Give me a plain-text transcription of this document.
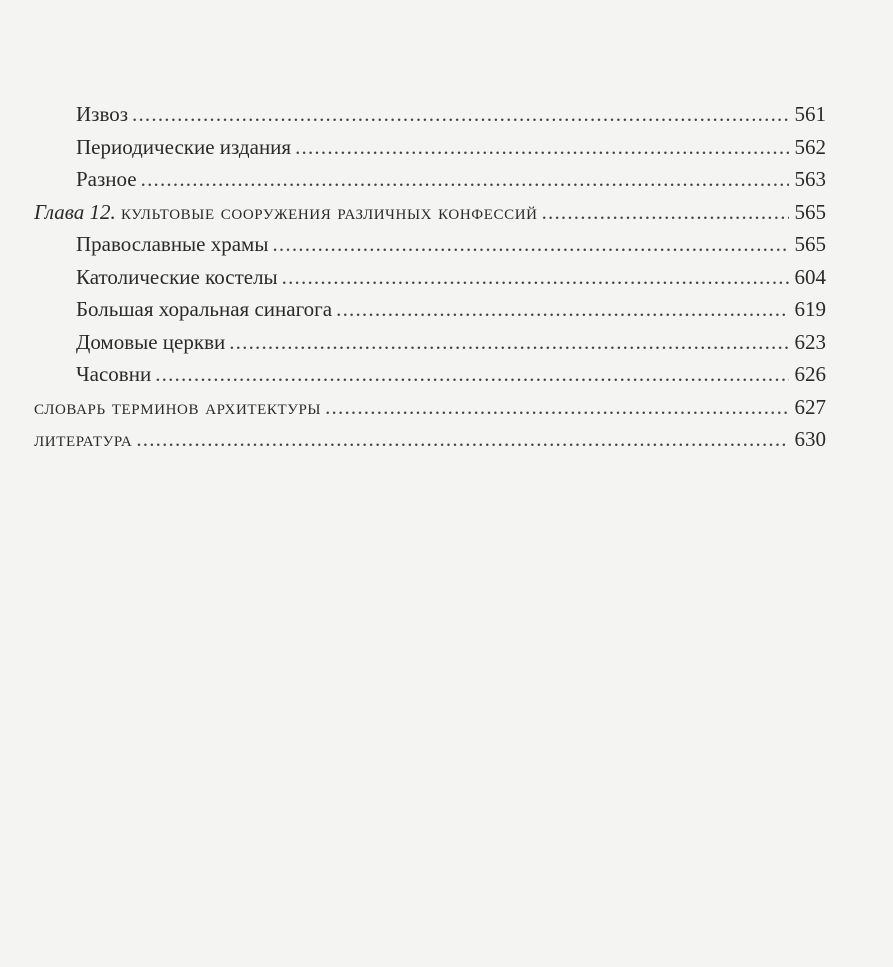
Извоз .....	561
Периодические издания .....	562
Разное .....	563
Глава 12. культовые сооружения различных конфессий .....	565
Православные храмы .....	565
Католические костелы .....	604
Большая хоральная синагога .....	619
Домовые церкви .....	623
Часовни .....	626
словарь терминов архитектуры .....	627
литература .....	630
